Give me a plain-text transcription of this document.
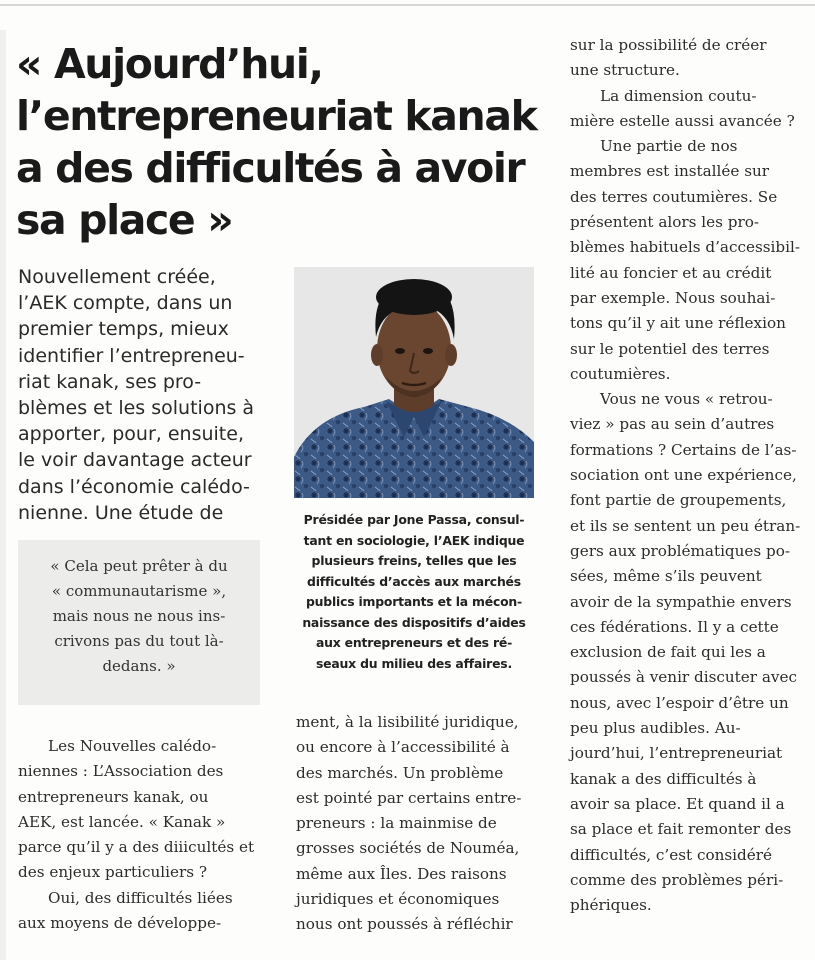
« Aujourd’hui,
l’entrepreneuriat kanak
a des difficultés à avoir
sa place »
Nouvellement créée,
l’AEK compte, dans un
premier temps, mieux
identifier l’entrepreneu-
riat kanak, ses pro-
blèmes et les solutions à
apporter, pour, ensuite,
le voir davantage acteur
dans l’économie calédo-
nienne. Une étude de
« Cela peut prêter à du
« communautarisme »,
mais nous ne nous ins-
crivons pas du tout là-
dedans. »
Présidée par Jone Passa, consul-
tant en sociologie, l’AEK indique
plusieurs freins, telles que les
difficultés d’accès aux marchés
publics importants et la mécon-
naissance des dispositifs d’aides
aux entrepreneurs et des ré-
seaux du milieu des affaires.
Les Nouvelles calédo-
niennes : L’Association des
entrepreneurs kanak, ou
AEK, est lancée. « Kanak »
parce qu’il y a des diiicultés et
des enjeux particuliers ?
Oui, des difficultés liées
aux moyens de développe-
ment, à la lisibilité juridique,
ou encore à l’accessibilité à
des marchés. Un problème
est pointé par certains entre-
preneurs : la mainmise de
grosses sociétés de Nouméa,
même aux Îles. Des raisons
juridiques et économiques
nous ont poussés à réfléchir
sur la possibilité de créer
une structure.
La dimension coutu-
mière estelle aussi avancée ?
Une partie de nos
membres est installée sur
des terres coutumières. Se
présentent alors les pro-
blèmes habituels d’accessibil-
lité au foncier et au crédit
par exemple. Nous souhai-
tons qu’il y ait une réflexion
sur le potentiel des terres
coutumières.
Vous ne vous « retrou-
viez » pas au sein d’autres
formations ? Certains de l’as-
sociation ont une expérience,
font partie de groupements,
et ils se sentent un peu étran-
gers aux problématiques po-
sées, même s’ils peuvent
avoir de la sympathie envers
ces fédérations. Il y a cette
exclusion de fait qui les a
poussés à venir discuter avec
nous, avec l’espoir d’être un
peu plus audibles. Au-
jourd’hui, l’entrepreneuriat
kanak a des difficultés à
avoir sa place. Et quand il a
sa place et fait remonter des
difficultés, c’est considéré
comme des problèmes péri-
phériques.
